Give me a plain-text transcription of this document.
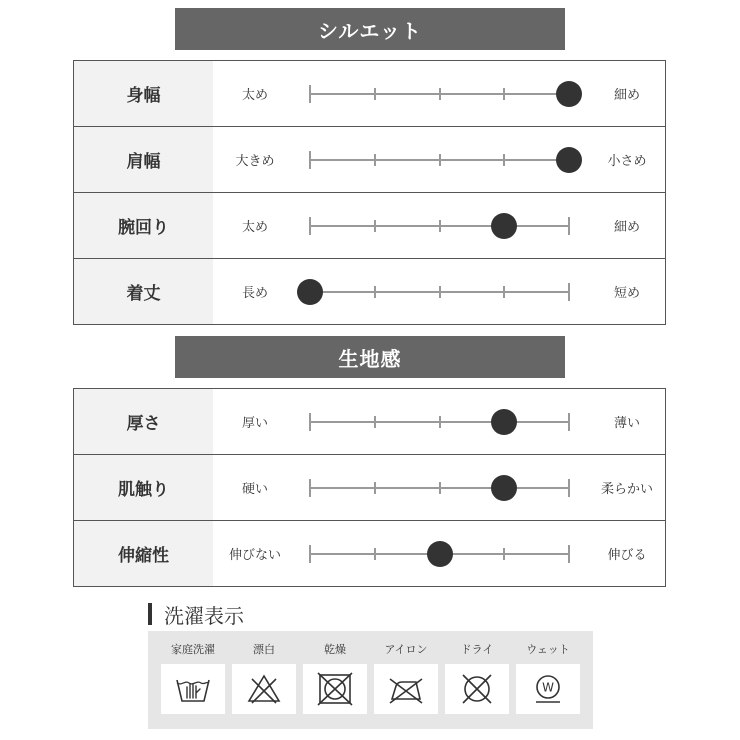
シルエット
身幅	太め	細め
肩幅	大きめ	小さめ
腕回り	太め	細め
着丈	長め	短め
生地感
厚さ	厚い	薄い
肌触り	硬い	柔らかい
伸縮性	伸びない	伸びる
洗濯表示
家庭洗濯	漂白	乾燥	アイロン	ドライ	ウェット
W
